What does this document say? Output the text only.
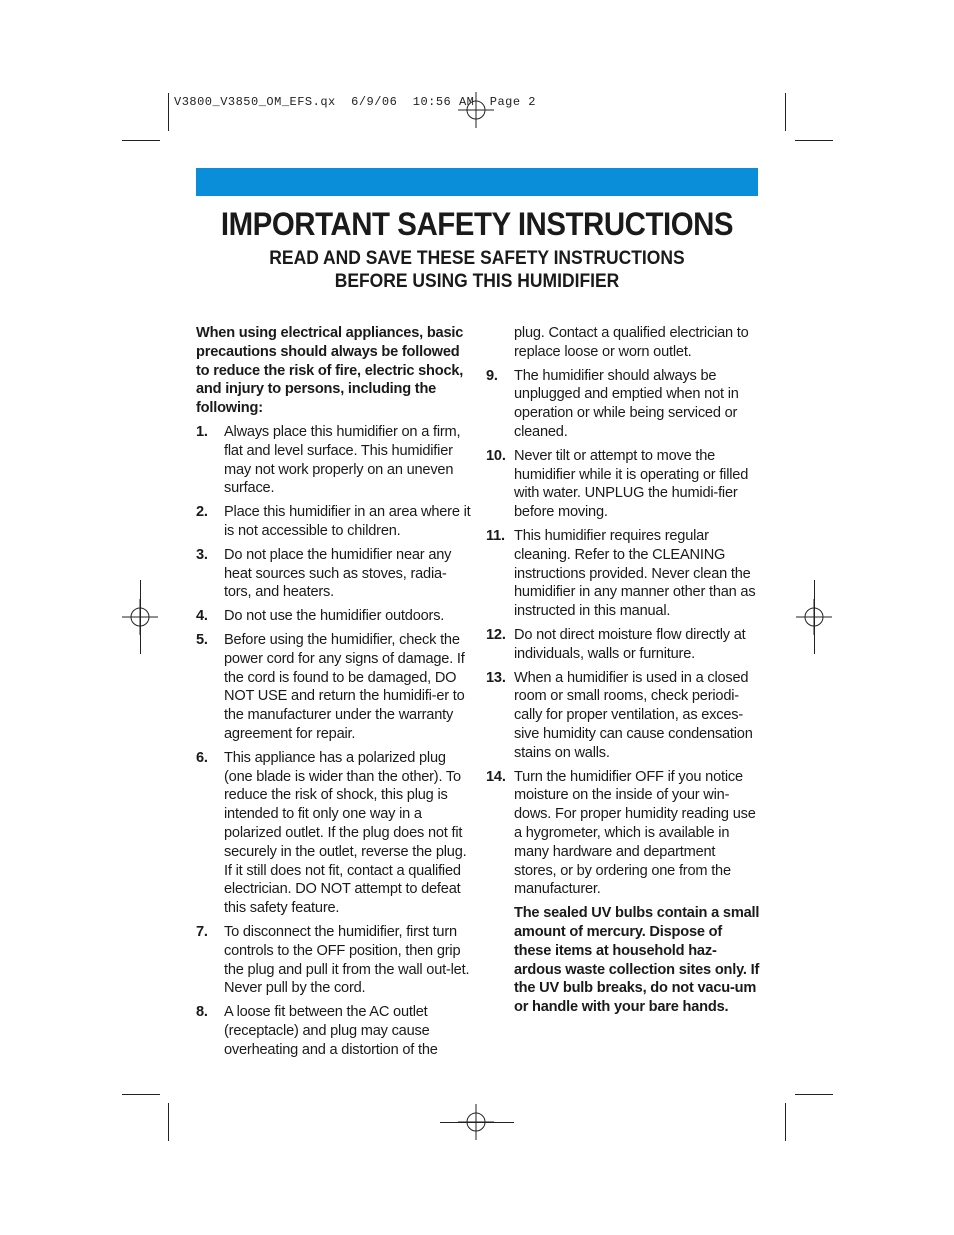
V3800_V3850_OM_EFS.qx  6/9/06  10:56 AM  Page 2
IMPORTANT SAFETY INSTRUCTIONS
READ AND SAVE THESE SAFETY INSTRUCTIONS
BEFORE USING THIS HUMIDIFIER

When using electrical appliances, basic precautions should always be followed to reduce the risk of fire, electric shock, and injury to persons, including the following:

1.	Always place this humidifier on a firm, flat and level surface. This humidifier may not work properly on an uneven surface.
2.	Place this humidifier in an area where it is not accessible to children.
3.	Do not place the humidifier near any heat sources such as stoves, radia-tors, and heaters.
4.	Do not use the humidifier outdoors.
5.	Before using the humidifier, check the power cord for any signs of damage. If the cord is found to be damaged, DO NOT USE and return the humidifi-er to the manufacturer under the warranty agreement for repair.
6.	This appliance has a polarized plug (one blade is wider than the other). To reduce the risk of shock, this plug is intended to fit only one way in a polarized outlet. If the plug does not fit securely in the outlet, reverse the plug. If it still does not fit, contact a qualified electrician. DO NOT attempt to defeat this safety feature.
7.	To disconnect the humidifier, first turn controls to the OFF position, then grip the plug and pull it from the wall out-let. Never pull by the cord.
8.	A loose fit between the AC outlet (receptacle) and plug may cause overheating and a distortion of the

plug. Contact a qualified electrician to replace loose or worn outlet.

9.	The humidifier should always be unplugged and emptied when not in operation or while being serviced or cleaned.
10. Never tilt or attempt to move the humidifier while it is operating or filled with water. UNPLUG the humidi-fier before moving.
11. This humidifier requires regular cleaning. Refer to the CLEANING instructions provided. Never clean the humidifier in any manner other than as instructed in this manual.
12. Do not direct moisture flow directly at individuals, walls or furniture.
13. When a humidifier is used in a closed room or small rooms, check periodi-cally for proper ventilation, as exces-sive humidity can cause condensation stains on walls.
14. Turn the humidifier OFF if you notice moisture on the inside of your win-dows. For proper humidity reading use a hygrometer, which is available in many hardware and department stores, or by ordering one from the manufacturer.

The sealed UV bulbs contain a small amount of mercury. Dispose of these items at household haz-ardous waste collection sites only. If the UV bulb breaks, do not vacu-um or handle with your bare hands.
